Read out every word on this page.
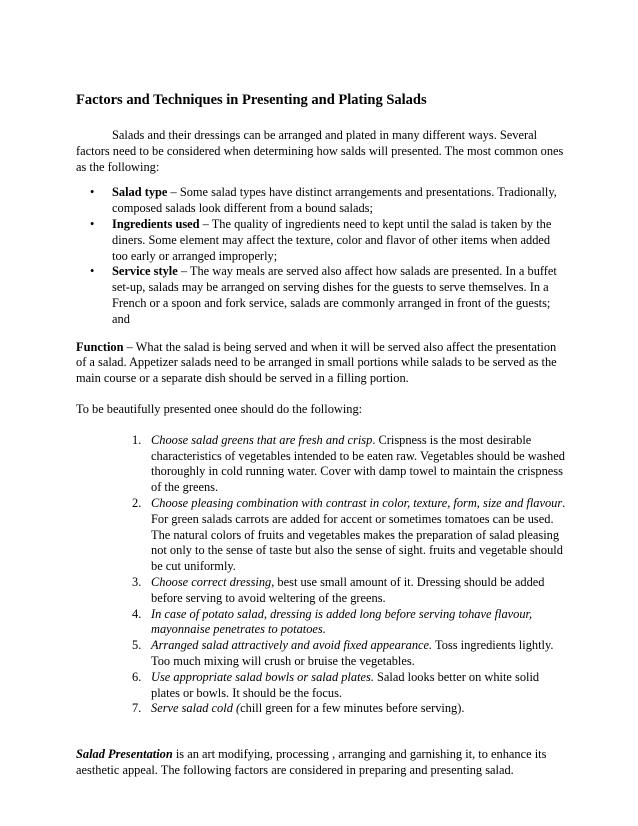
Factors and Techniques in Presenting and Plating Salads

Salads and their dressings can be arranged and plated in many different ways. Several factors need to be considered when determining how salds will presented. The most common ones as the following:

• Salad type – Some salad types have distinct arrangements and presentations. Tradionally, composed salads look different from a bound salads;
• Ingredients used – The quality of ingredients need to kept until the salad is taken by the diners. Some element may affect the texture, color and flavor of other items when added too early or arranged improperly;
• Service style – The way meals are served also affect how salads are presented. In a buffet set-up, salads may be arranged on serving dishes for the guests to serve themselves. In a French or a spoon and fork service, salads are commonly arranged in front of the guests; and

Function – What the salad is being served and when it will be served also affect the presentation of a salad. Appetizer salads need to be arranged in small portions while salads to be served as the main course or a separate dish should be served in a filling portion.

To be beautifully presented onee should do the following:

1. Choose salad greens that are fresh and crisp. Crispness is the most desirable characteristics of vegetables intended to be eaten raw. Vegetables should be washed thoroughly in cold running water. Cover with damp towel to maintain the crispness of the greens.
2. Choose pleasing combination with contrast in color, texture, form, size and flavour. For green salads carrots are added for accent or sometimes tomatoes can be used. The natural colors of fruits and vegetables makes the preparation of salad pleasing not only to the sense of taste but also the sense of sight. fruits and vegetable should be cut uniformly.
3. Choose correct dressing, best use small amount of it. Dressing should be added before serving to avoid weltering of the greens.
4. In case of potato salad, dressing is added long before serving tohave flavour, mayonnaise penetrates to potatoes.
5. Arranged salad attractively and avoid fixed appearance. Toss ingredients lightly. Too much mixing will crush or bruise the vegetables.
6. Use appropriate salad bowls or salad plates. Salad looks better on white solid plates or bowls. It should be the focus.
7. Serve salad cold (chill green for a few minutes before serving).

Salad Presentation is an art modifying, processing , arranging and garnishing it, to enhance its aesthetic appeal. The following factors are considered in preparing and presenting salad.
